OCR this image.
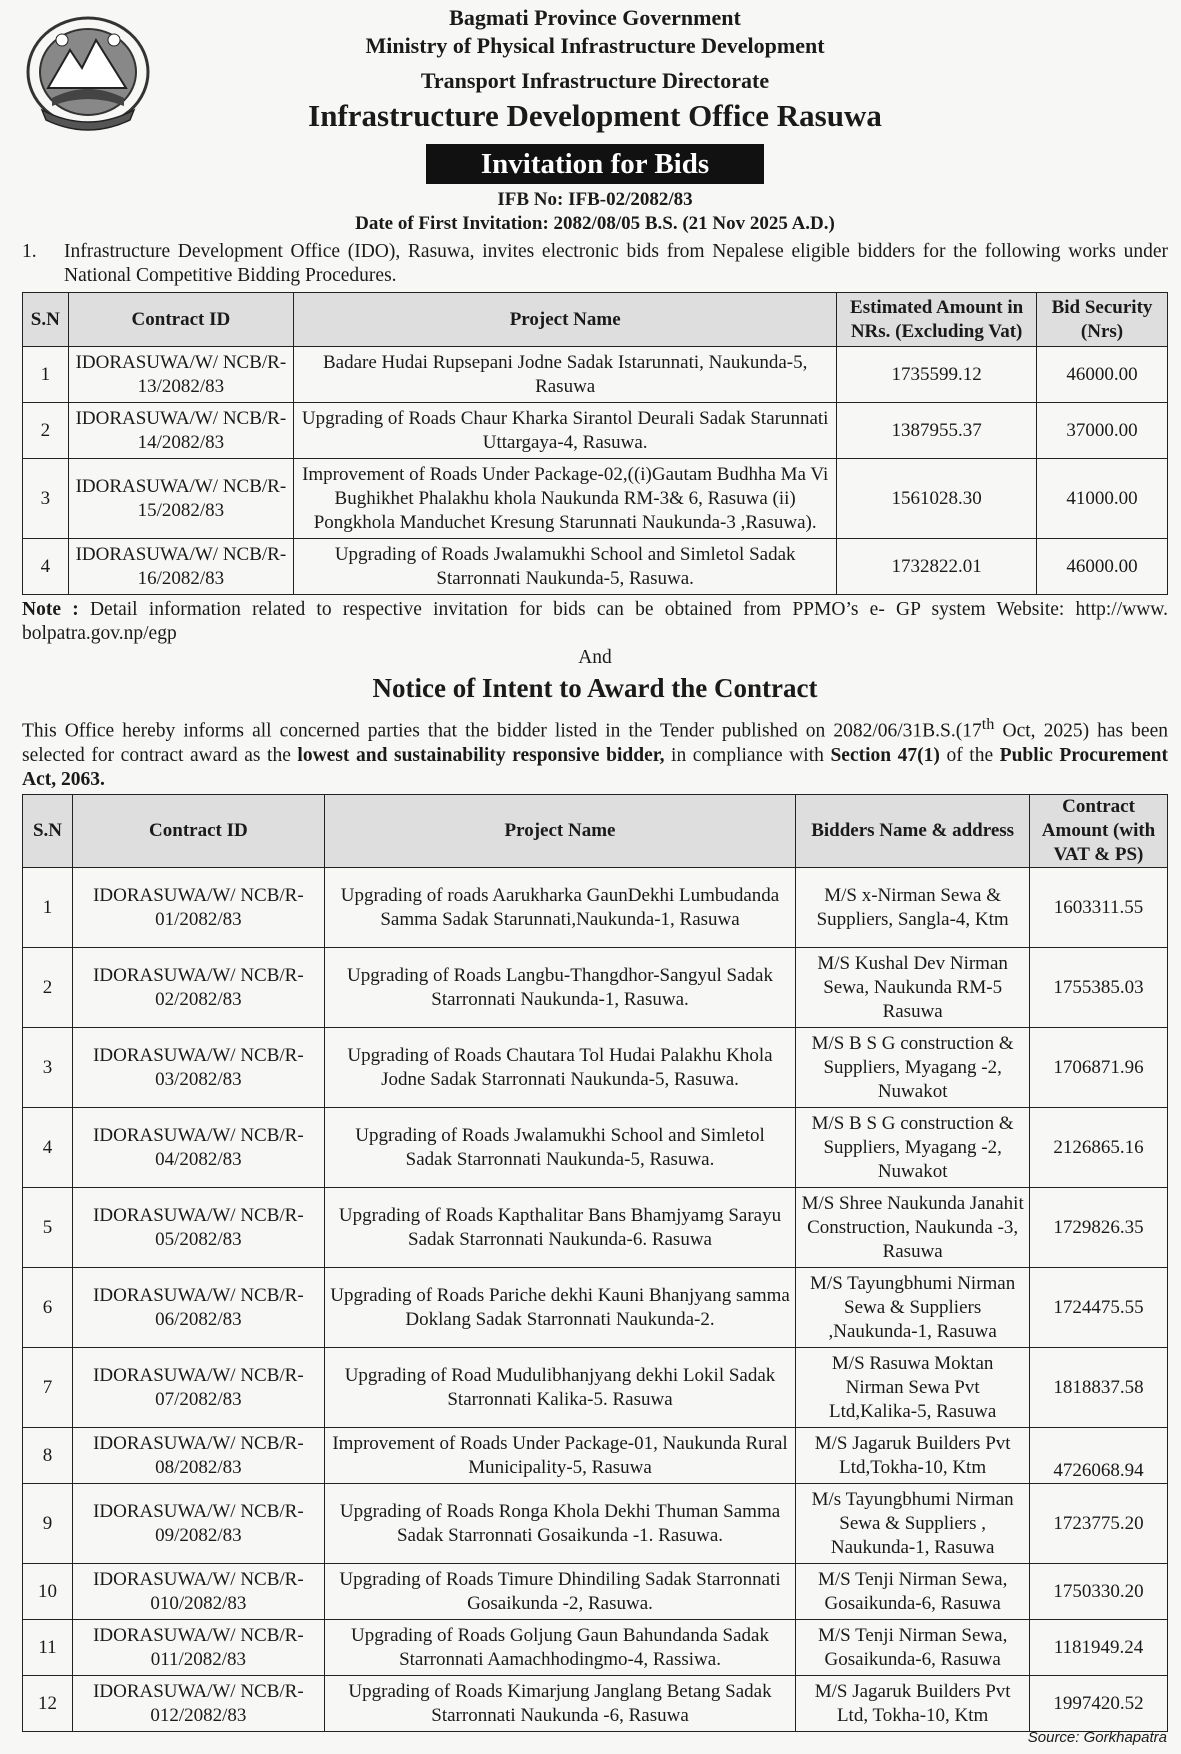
Bagmati Province Government
Ministry of Physical Infrastructure Development
Transport Infrastructure Directorate
Infrastructure Development Office Rasuwa
Invitation for Bids
IFB No: IFB-02/2082/83
Date of First Invitation: 2082/08/05 B.S. (21 Nov 2025 A.D.)
1. Infrastructure Development Office (IDO), Rasuwa, invites electronic bids from Nepalese eligible bidders for the following works under National Competitive Bidding Procedures.
S.N	Contract ID	Project Name	Estimated Amount in NRs. (Excluding Vat)	Bid Security (Nrs)
1	IDORASUWA/W/ NCB/R-13/2082/83	Badare Hudai Rupsepani Jodne Sadak Istarunnati, Naukunda-5, Rasuwa	1735599.12	46000.00
2	IDORASUWA/W/ NCB/R-14/2082/83	Upgrading of Roads Chaur Kharka Sirantol Deurali Sadak Starunnati Uttargaya-4, Rasuwa.	1387955.37	37000.00
3	IDORASUWA/W/ NCB/R-15/2082/83	Improvement of Roads Under Package-02,((i)Gautam Budhha Ma Vi Bughikhet Phalakhu khola Naukunda RM-3& 6, Rasuwa (ii) Pongkhola Manduchet Kresung Starunnati Naukunda-3 ,Rasuwa).	1561028.30	41000.00
4	IDORASUWA/W/ NCB/R-16/2082/83	Upgrading of Roads Jwalamukhi School and Simletol Sadak Starronnati Naukunda-5, Rasuwa.	1732822.01	46000.00
Note : Detail information related to respective invitation for bids can be obtained from PPMO’s e- GP system Website: http://www. bolpatra.gov.np/egp
And
Notice of Intent to Award the Contract
This Office hereby informs all concerned parties that the bidder listed in the Tender published on 2082/06/31B.S.(17th Oct, 2025) has been selected for contract award as the lowest and sustainability responsive bidder, in compliance with Section 47(1) of the Public Procurement Act, 2063.
S.N	Contract ID	Project Name	Bidders Name & address	Contract Amount (with VAT & PS)
1	IDORASUWA/W/ NCB/R-01/2082/83	Upgrading of roads Aarukharka GaunDekhi Lumbudanda Samma Sadak Starunnati,Naukunda-1, Rasuwa	M/S x-Nirman Sewa & Suppliers, Sangla-4, Ktm	1603311.55
2	IDORASUWA/W/ NCB/R-02/2082/83	Upgrading of Roads Langbu-Thangdhor-Sangyul Sadak Starronnati Naukunda-1, Rasuwa.	M/S Kushal Dev Nirman Sewa, Naukunda RM-5 Rasuwa	1755385.03
3	IDORASUWA/W/ NCB/R-03/2082/83	Upgrading of Roads Chautara Tol Hudai Palakhu Khola Jodne Sadak Starronnati Naukunda-5, Rasuwa.	M/S B S G construction & Suppliers, Myagang -2, Nuwakot	1706871.96
4	IDORASUWA/W/ NCB/R-04/2082/83	Upgrading of Roads Jwalamukhi School and Simletol Sadak Starronnati Naukunda-5, Rasuwa.	M/S B S G construction & Suppliers, Myagang -2, Nuwakot	2126865.16
5	IDORASUWA/W/ NCB/R-05/2082/83	Upgrading of Roads Kapthalitar Bans Bhamjyamg Sarayu Sadak Starronnati Naukunda-6. Rasuwa	M/S Shree Naukunda Janahit Construction, Naukunda -3, Rasuwa	1729826.35
6	IDORASUWA/W/ NCB/R-06/2082/83	Upgrading of Roads Pariche dekhi Kauni Bhanjyang samma Doklang Sadak Starronnati Naukunda-2.	M/S Tayungbhumi Nirman Sewa & Suppliers ,Naukunda-1, Rasuwa	1724475.55
7	IDORASUWA/W/ NCB/R-07/2082/83	Upgrading of Road Mudulibhanjyang dekhi Lokil Sadak Starronnati Kalika-5. Rasuwa	M/S Rasuwa Moktan Nirman Sewa Pvt Ltd,Kalika-5, Rasuwa	1818837.58
8	IDORASUWA/W/ NCB/R-08/2082/83	Improvement of Roads Under Package-01, Naukunda Rural Municipality-5, Rasuwa	M/S Jagaruk Builders Pvt Ltd,Tokha-10, Ktm	4726068.94
9	IDORASUWA/W/ NCB/R-09/2082/83	Upgrading of Roads Ronga Khola Dekhi Thuman Samma Sadak Starronnati Gosaikunda -1. Rasuwa.	M/s Tayungbhumi Nirman Sewa & Suppliers , Naukunda-1, Rasuwa	1723775.20
10	IDORASUWA/W/ NCB/R-010/2082/83	Upgrading of Roads Timure Dhindiling Sadak Starronnati Gosaikunda -2, Rasuwa.	M/S Tenji Nirman Sewa, Gosaikunda-6, Rasuwa	1750330.20
11	IDORASUWA/W/ NCB/R-011/2082/83	Upgrading of Roads Goljung Gaun Bahundanda Sadak Starronnati Aamachhodingmo-4, Rassiwa.	M/S Tenji Nirman Sewa, Gosaikunda-6, Rasuwa	1181949.24
12	IDORASUWA/W/ NCB/R-012/2082/83	Upgrading of Roads Kimarjung Janglang Betang Sadak Starronnati Naukunda -6, Rasuwa	M/S Jagaruk Builders Pvt Ltd, Tokha-10, Ktm	1997420.52
Source: Gorkhapatra
